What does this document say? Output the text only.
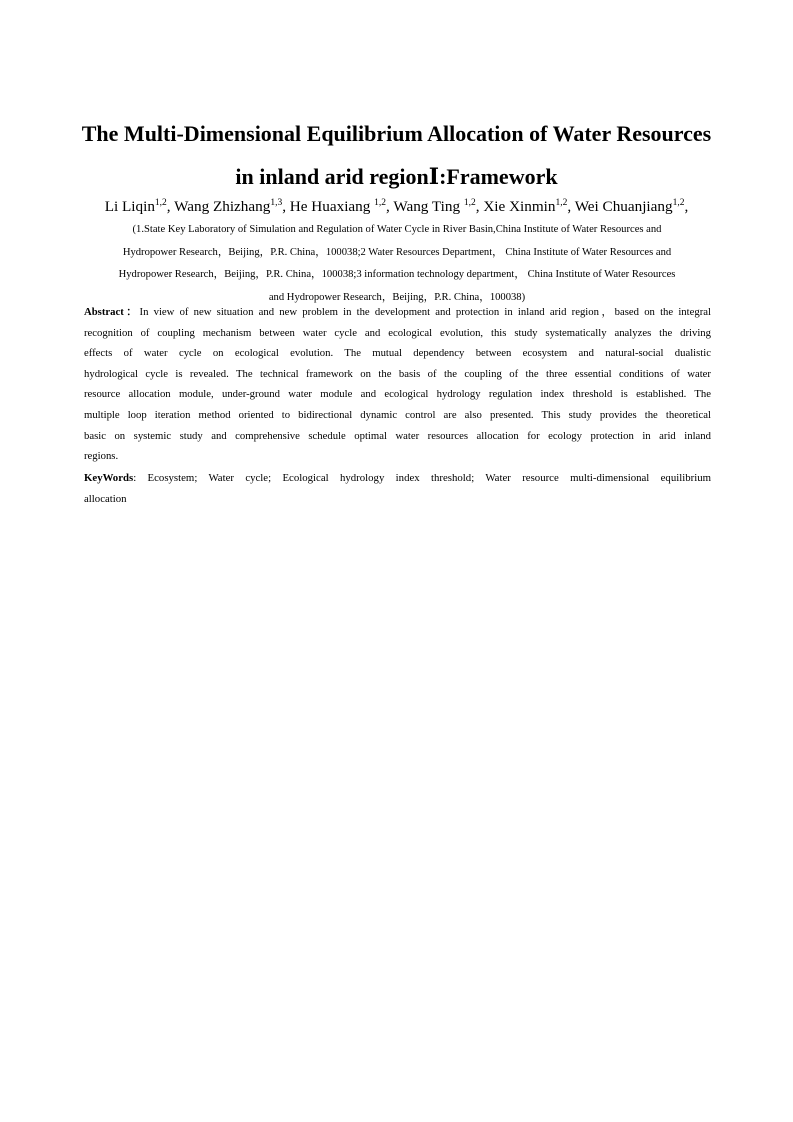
The Multi-Dimensional Equilibrium Allocation of Water Resources
in inland arid regionⅠ:Framework
Li Liqin$^{1,2}$, Wang Zhizhang$^{1,3}$, He Huaxiang $^{1,2}$, Wang Ting $^{1,2}$, Xie Xinmin$^{1,2}$, Wei Chuanjiang$^{1,2}$,
(1.State Key Laboratory of Simulation and Regulation of Water Cycle in River Basin,China Institute of Water Resources and
Hydropower Research，Beijing，P.R. China，100038;2 Water Resources Department， China Institute of Water Resources and
Hydropower Research，Beijing，P.R. China，100038;3 information technology department， China Institute of Water Resources
and Hydropower Research，Beijing，P.R. China，100038)
Abstract：In view of new situation and new problem in the development and protection in inland arid region，based on the integral
recognition of coupling mechanism between water cycle and ecological evolution, this study systematically analyzes the driving
effects of water cycle on ecological evolution. The mutual dependency between ecosystem and natural-social dualistic
hydrological cycle is revealed. The technical framework on the basis of the coupling of the three essential conditions of water
resource allocation module, under-ground water module and ecological hydrology regulation index threshold is established. The
multiple loop iteration method oriented to bidirectional dynamic control are also presented. This study provides the theoretical
basic on systemic study and comprehensive schedule optimal water resources allocation for ecology protection in arid inland
regions.
KeyWords: Ecosystem; Water cycle; Ecological hydrology index threshold; Water resource multi-dimensional equilibrium
allocation
